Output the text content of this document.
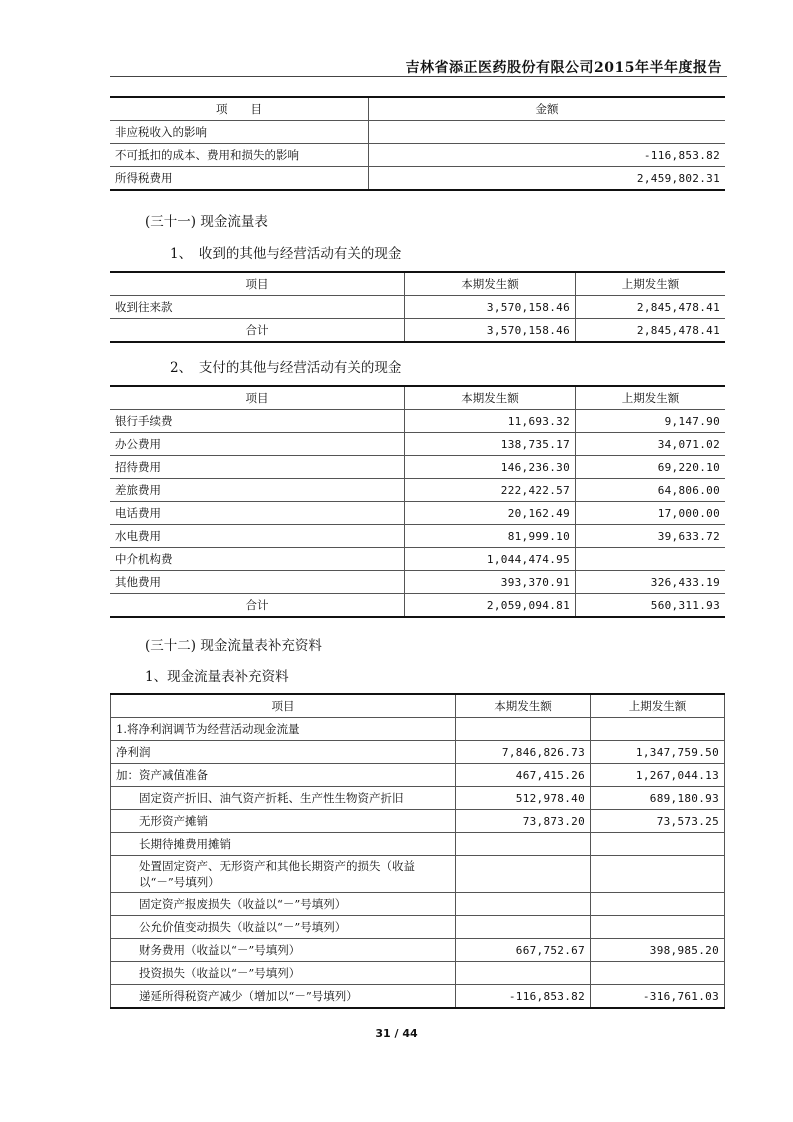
吉林省添正医药股份有限公司2015年半年度报告
项　　目	金额
非应税收入的影响	
不可抵扣的成本、费用和损失的影响	-116,853.82
所得税费用	2,459,802.31
(三十一) 现金流量表
1、　收到的其他与经营活动有关的现金
项目	本期发生额	上期发生额
收到往来款	3,570,158.46	2,845,478.41
合计	3,570,158.46	2,845,478.41
2、　支付的其他与经营活动有关的现金
项目	本期发生额	上期发生额
银行手续费	11,693.32	9,147.90
办公费用	138,735.17	34,071.02
招待费用	146,236.30	69,220.10
差旅费用	222,422.57	64,806.00
电话费用	20,162.49	17,000.00
水电费用	81,999.10	39,633.72
中介机构费	1,044,474.95	
其他费用	393,370.91	326,433.19
合计	2,059,094.81	560,311.93
(三十二) 现金流量表补充资料
1、现金流量表补充资料
项目	本期发生额	上期发生额
1.将净利润调节为经营活动现金流量		
净利润	7,846,826.73	1,347,759.50
加：资产减值准备	467,415.26	1,267,044.13
固定资产折旧、油气资产折耗、生产性生物资产折旧	512,978.40	689,180.93
无形资产摊销	73,873.20	73,573.25
长期待摊费用摊销		
处置固定资产、无形资产和其他长期资产的损失（收益以“－”号填列）		
固定资产报废损失（收益以“－”号填列）		
公允价值变动损失（收益以“－”号填列）		
财务费用（收益以“－”号填列）	667,752.67	398,985.20
投资损失（收益以“－”号填列）		
递延所得税资产减少（增加以“－”号填列）	-116,853.82	-316,761.03
31 / 44
